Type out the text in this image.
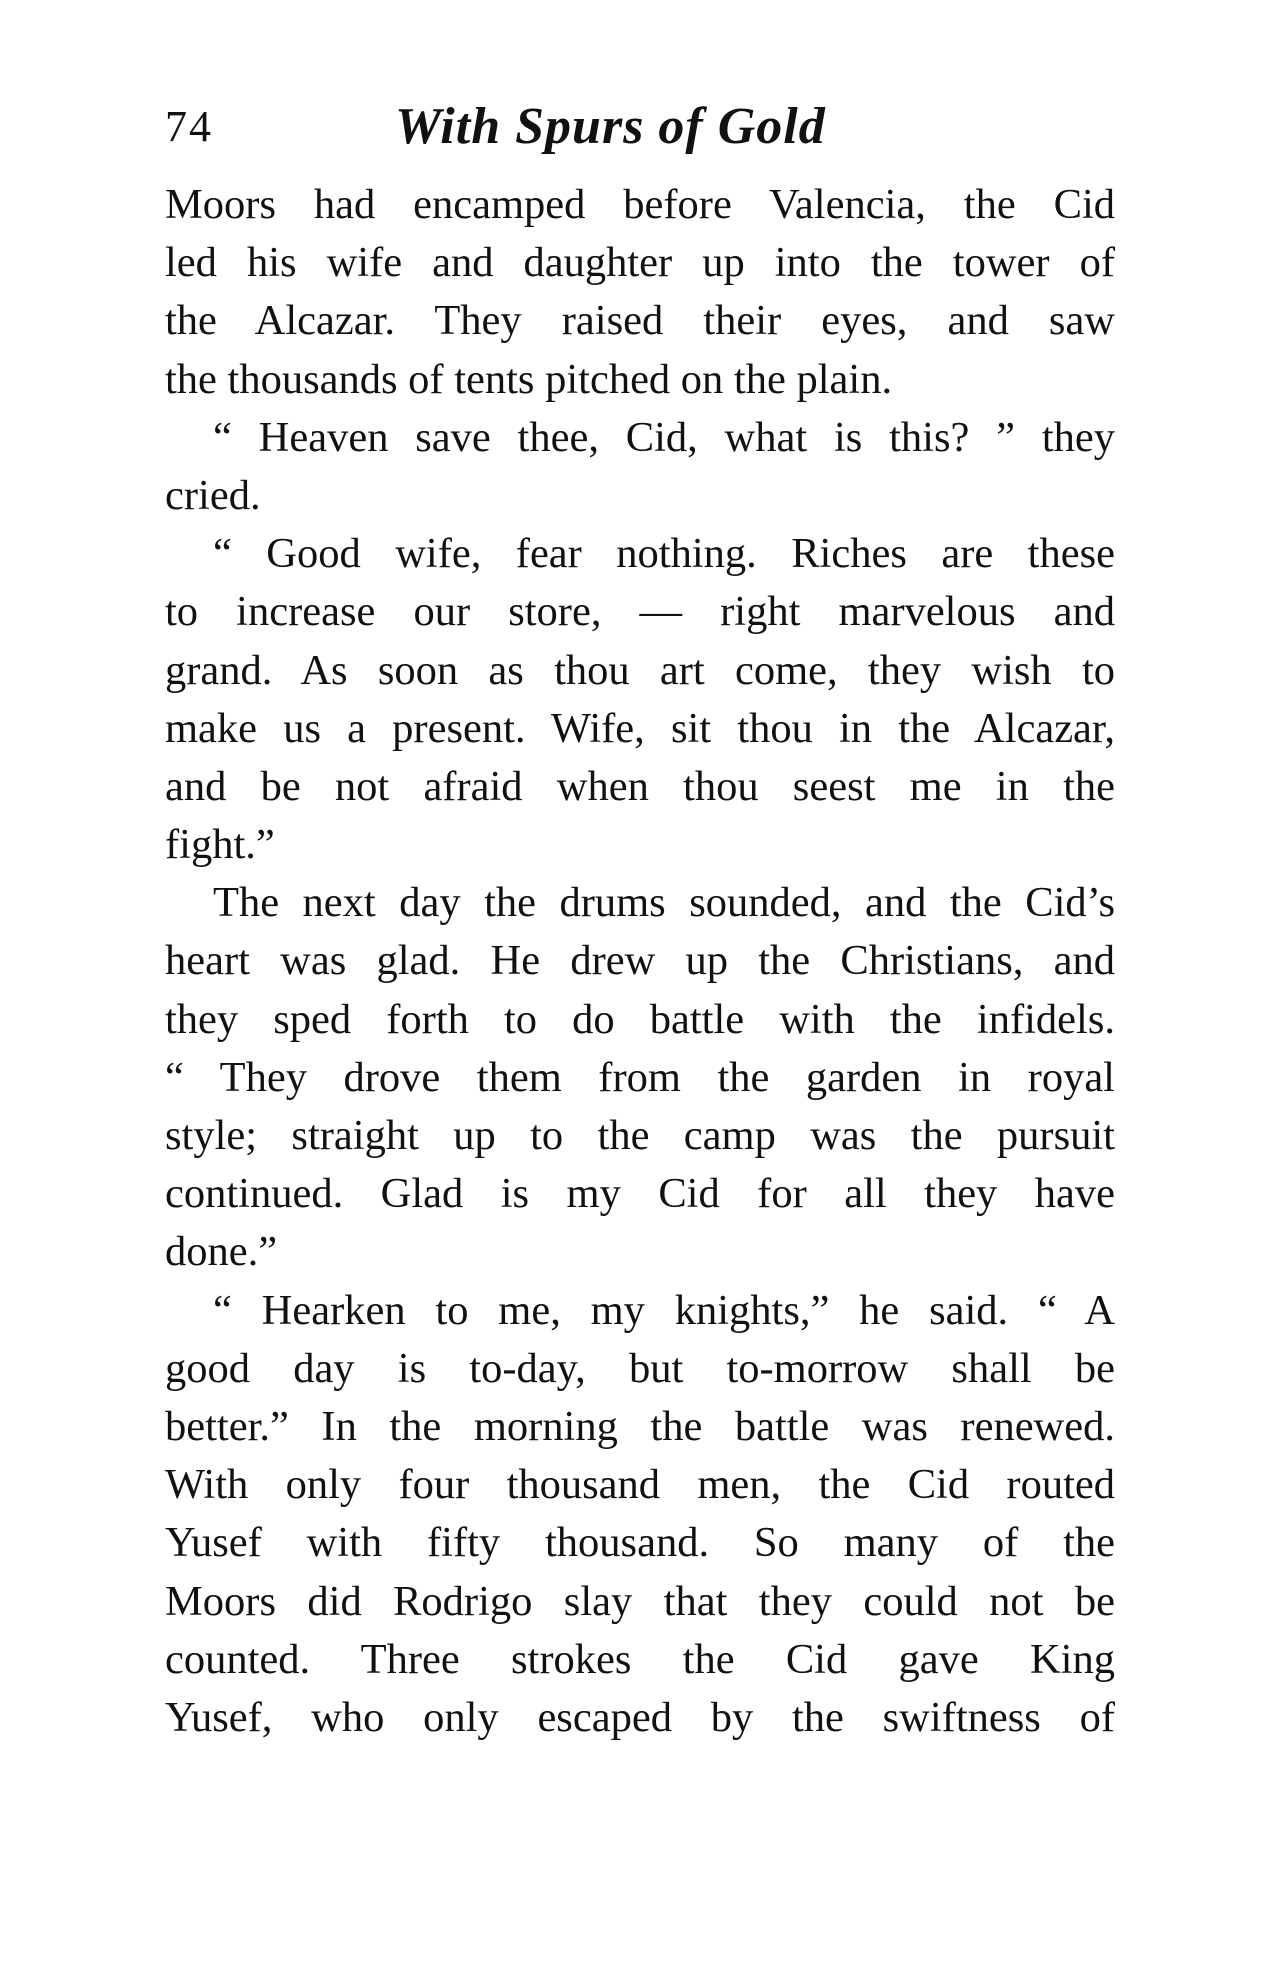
74	With Spurs of Gold
Moors had encamped before Valencia, the Cid
led his wife and daughter up into the tower of
the Alcazar. They raised their eyes, and saw
the thousands of tents pitched on the plain.
“ Heaven save thee, Cid, what is this? ” they
cried.
“ Good wife, fear nothing. Riches are these
to increase our store, — right marvelous and
grand. As soon as thou art come, they wish to
make us a present. Wife, sit thou in the Alcazar,
and be not afraid when thou seest me in the
fight.”
The next day the drums sounded, and the Cid’s
heart was glad. He drew up the Christians, and
they sped forth to do battle with the infidels.
“ They drove them from the garden in royal
style; straight up to the camp was the pursuit
continued. Glad is my Cid for all they have
done.”
“ Hearken to me, my knights,” he said. “ A
good day is to-day, but to-morrow shall be
better.” In the morning the battle was renewed.
With only four thousand men, the Cid routed
Yusef with fifty thousand. So many of the
Moors did Rodrigo slay that they could not be
counted. Three strokes the Cid gave King
Yusef, who only escaped by the swiftness of
